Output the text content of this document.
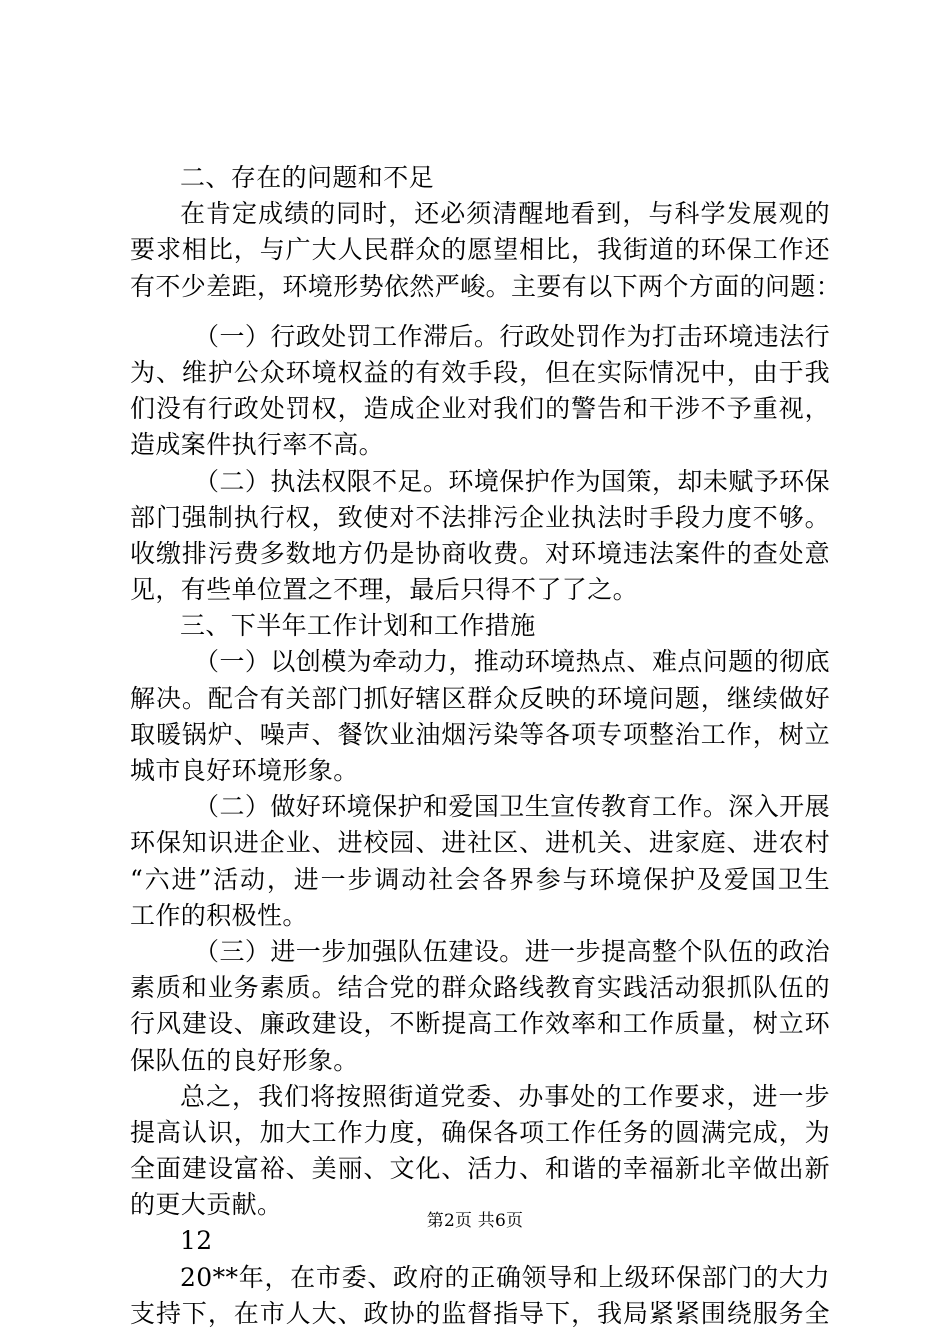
二、存在的问题和不足
在肯定成绩的同时，还必须清醒地看到，与科学发展观的
要求相比，与广大人民群众的愿望相比，我街道的环保工作还
有不少差距，环境形势依然严峻。主要有以下两个方面的问题：
（一）行政处罚工作滞后。行政处罚作为打击环境违法行
为、维护公众环境权益的有效手段，但在实际情况中，由于我
们没有行政处罚权，造成企业对我们的警告和干涉不予重视，
造成案件执行率不高。
（二）执法权限不足。环境保护作为国策，却未赋予环保
部门强制执行权，致使对不法排污企业执法时手段力度不够。
收缴排污费多数地方仍是协商收费。对环境违法案件的查处意
见，有些单位置之不理，最后只得不了了之。
三、下半年工作计划和工作措施
（一）以创模为牵动力，推动环境热点、难点问题的彻底
解决。配合有关部门抓好辖区群众反映的环境问题，继续做好
取暖锅炉、噪声、餐饮业油烟污染等各项专项整治工作，树立
城市良好环境形象。
（二）做好环境保护和爱国卫生宣传教育工作。深入开展
环保知识进企业、进校园、进社区、进机关、进家庭、进农村
“六进”活动，进一步调动社会各界参与环境保护及爱国卫生
工作的积极性。
（三）进一步加强队伍建设。进一步提高整个队伍的政治
素质和业务素质。结合党的群众路线教育实践活动狠抓队伍的
行风建设、廉政建设，不断提高工作效率和工作质量，树立环
保队伍的良好形象。
总之，我们将按照街道党委、办事处的工作要求，进一步
提高认识，加大工作力度，确保各项工作任务的圆满完成，为
全面建设富裕、美丽、文化、活力、和谐的幸福新北辛做出新
的更大贡献。
12
20**年，在市委、政府的正确领导和上级环保部门的大力
支持下，在市人大、政协的监督指导下，我局紧紧围绕服务全
第2页 共6页
